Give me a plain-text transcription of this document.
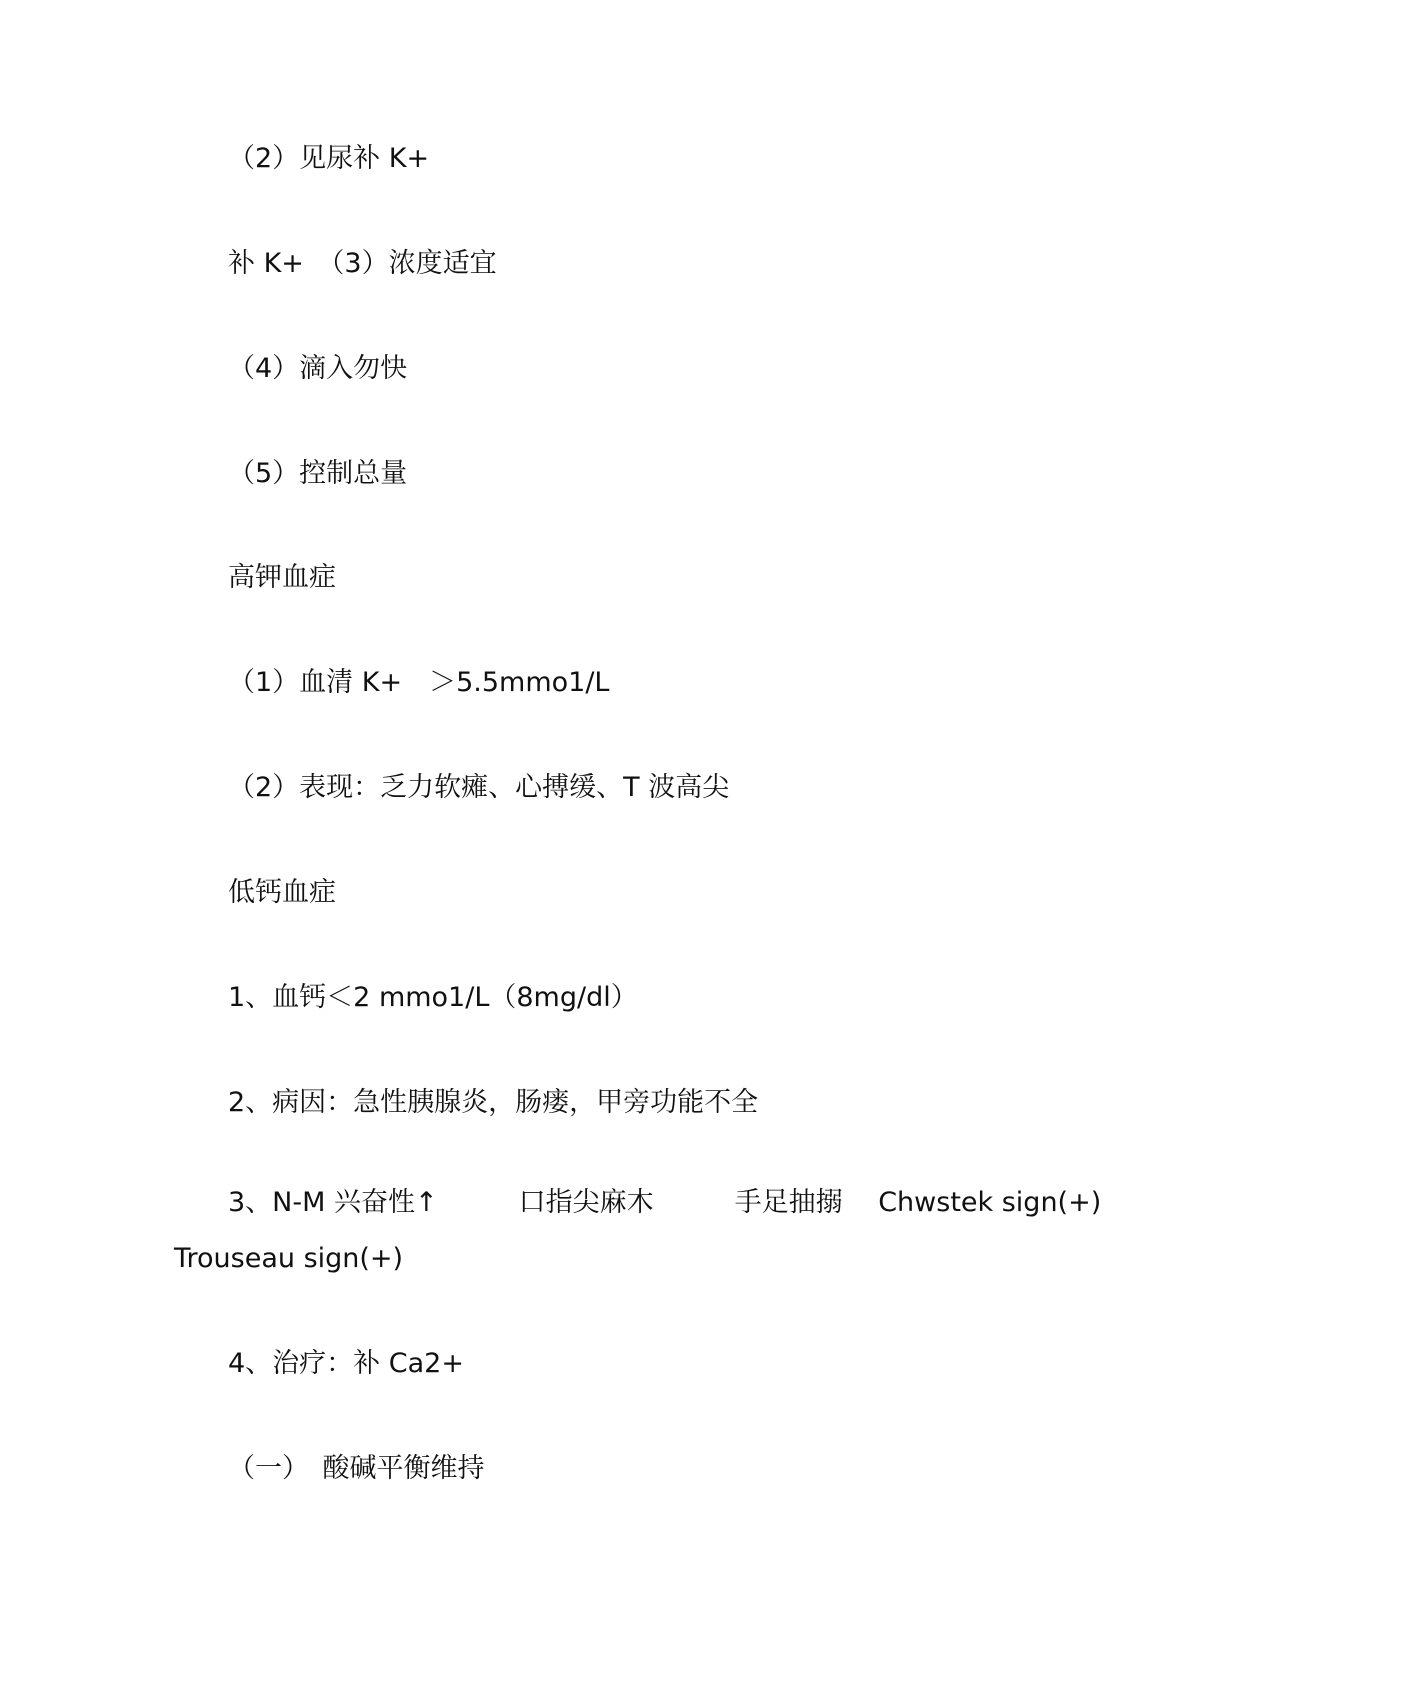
（2）见尿补 K+
补 K+　（3）浓度适宜
（4）滴入勿快
（5）控制总量
高钾血症
（1）血清 K+　＞5.5mmo1/L
（2）表现：乏力软瘫、心搏缓、T 波高尖
低钙血症
1、血钙＜2 mmo1/L（8mg/dl）
2、病因：急性胰腺炎，肠瘘，甲旁功能不全
3、N-M 兴奋性↑　　　口指尖麻木　　　手足抽搦　 Chwstek sign(+)　 Trouseau sign(+)
4、治疗：补 Ca2+
（一）　酸碱平衡维持
